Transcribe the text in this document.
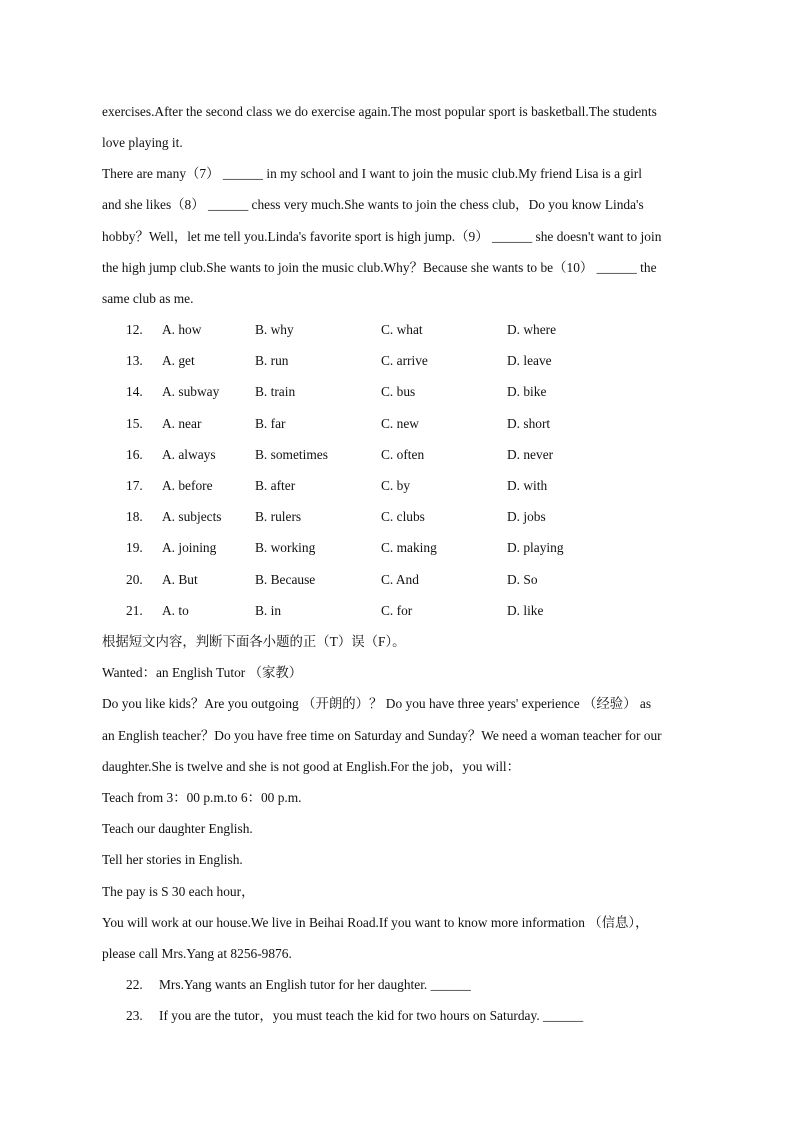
exercises.After the second class we do exercise again.The most popular sport is basketball.The students
love playing it.
There are many（7） ______ in my school and I want to join the music club.My friend Lisa is a girl
and she likes（8） ______ chess very much.She wants to join the chess club，Do you know Linda's
hobby？Well，let me tell you.Linda's favorite sport is high jump.（9） ______ she doesn't want to join
the high jump club.She wants to join the music club.Why？Because she wants to be（10） ______ the
same club as me.
12. A. how	B. why	C. what	D. where
13. A. get	B. run	C. arrive	D. leave
14. A. subway	B. train	C. bus	D. bike
15. A. near	B. far	C. new	D. short
16. A. always	B. sometimes	C. often	D. never
17. A. before	B. after	C. by	D. with
18. A. subjects B. rulers	C. clubs	D. jobs
19. A. joining	B. working	C. making	D. playing
20. A. But	B. Because	C. And	D. So
21. A. to	B. in	C. for	D. like
根据短文内容，判断下面各小题的正（T）误（F）。
Wanted：an English Tutor （家教）
Do you like kids？Are you outgoing （开朗的）？ Do you have three years' experience （经验） as
an English teacher？Do you have free time on Saturday and Sunday？We need a woman teacher for our
daughter.She is twelve and she is not good at English.For the job，you will：
Teach from 3：00 p.m.to 6：00 p.m.
Teach our daughter English.
Tell her stories in English.
The pay is S 30 each hour，
You will work at our house.We live in Beihai Road.If you want to know more information （信息），
please call Mrs.Yang at 8256-9876.
22. Mrs.Yang wants an English tutor for her daughter. ______
23. If you are the tutor，you must teach the kid for two hours on Saturday. ______
